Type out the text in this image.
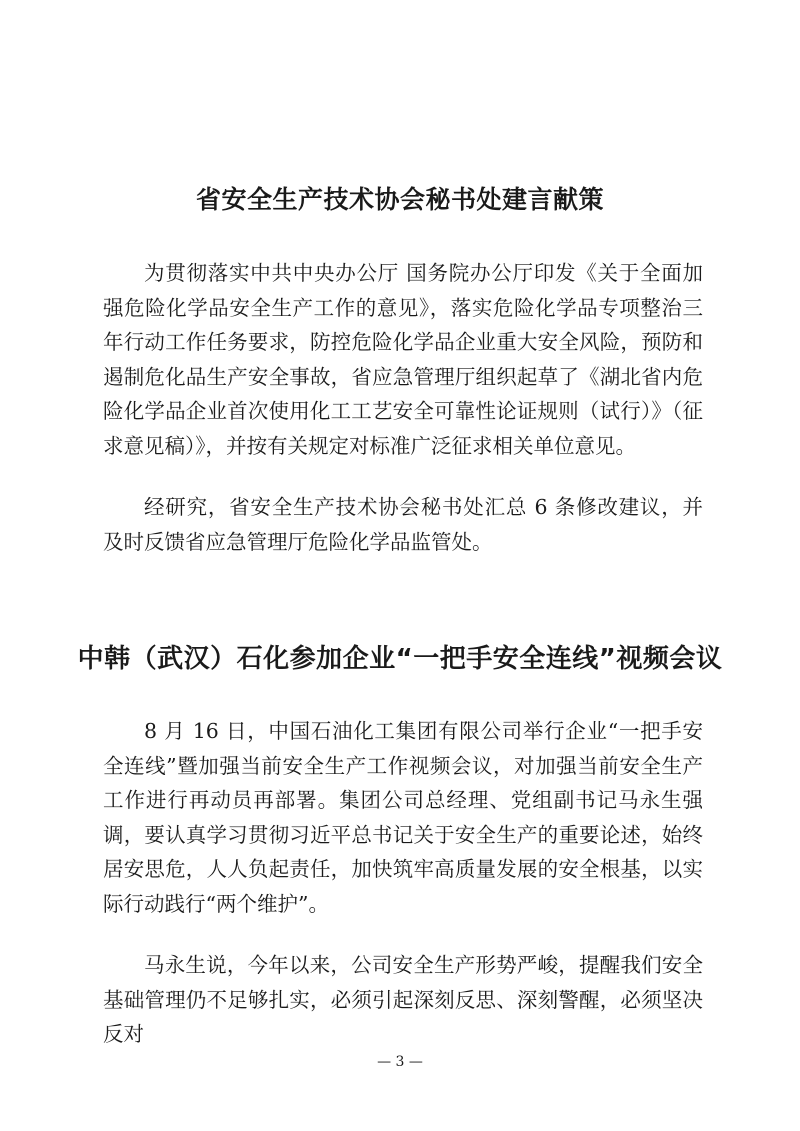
省安全生产技术协会秘书处建言献策

为贯彻落实中共中央办公厅 国务院办公厅印发《关于全面加强危险化学品安全生产工作的意见》，落实危险化学品专项整治三年行动工作任务要求，防控危险化学品企业重大安全风险，预防和遏制危化品生产安全事故，省应急管理厅组织起草了《湖北省内危险化学品企业首次使用化工工艺安全可靠性论证规则（试行）》（征求意见稿）》，并按有关规定对标准广泛征求相关单位意见。

经研究，省安全生产技术协会秘书处汇总 6 条修改建议，并及时反馈省应急管理厅危险化学品监管处。

中韩（武汉）石化参加企业“一把手安全连线”视频会议

8 月 16 日，中国石油化工集团有限公司举行企业“一把手安全连线”暨加强当前安全生产工作视频会议，对加强当前安全生产工作进行再动员再部署。集团公司总经理、党组副书记马永生强调，要认真学习贯彻习近平总书记关于安全生产的重要论述，始终居安思危，人人负起责任，加快筑牢高质量发展的安全根基，以实际行动践行“两个维护”。

马永生说，今年以来，公司安全生产形势严峻，提醒我们安全基础管理仍不足够扎实，必须引起深刻反思、深刻警醒，必须坚决反对

— 3 —
